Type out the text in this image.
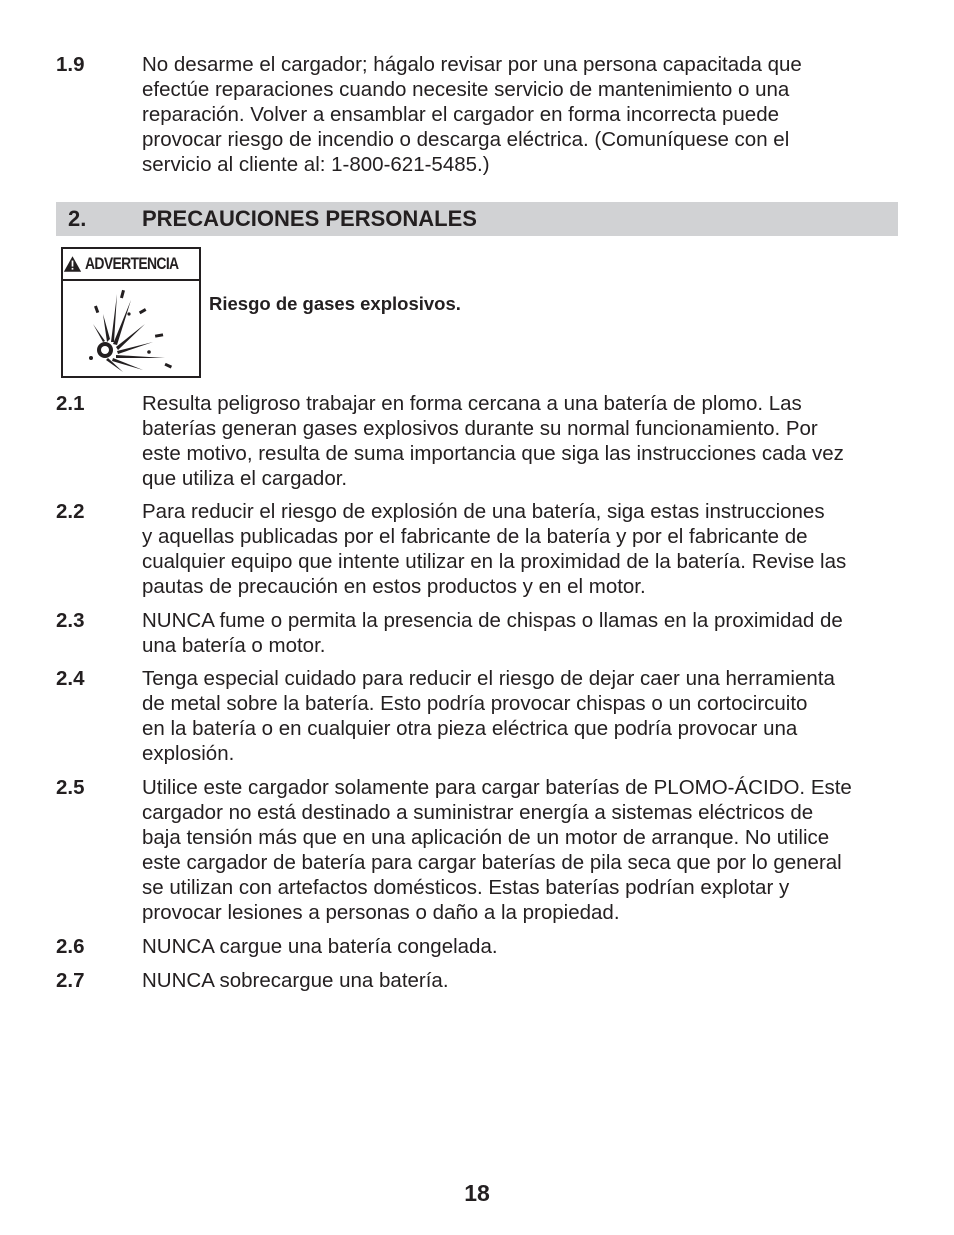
1.9	No desarme el cargador; hágalo revisar por una persona capacitada que
efectúe reparaciones cuando necesite servicio de mantenimiento o una
reparación. Volver a ensamblar el cargador en forma incorrecta puede
provocar riesgo de incendio o descarga eléctrica. (Comuníquese con el
servicio al cliente al: 1-800-621-5485.)
2.	PRECAUCIONES PERSONALES
ADVERTENCIA
Riesgo de gases explosivos.
2.1	Resulta peligroso trabajar en forma cercana a una batería de plomo. Las
baterías generan gases explosivos durante su normal funcionamiento. Por
este motivo, resulta de suma importancia que siga las instrucciones cada vez
que utiliza el cargador.
2.2	Para reducir el riesgo de explosión de una batería, siga estas instrucciones
y aquellas publicadas por el fabricante de la batería y por el fabricante de
cualquier equipo que intente utilizar en la proximidad de la batería. Revise las
pautas de precaución en estos productos y en el motor.
2.3	NUNCA fume o permita la presencia de chispas o llamas en la proximidad de
una batería o motor.
2.4	Tenga especial cuidado para reducir el riesgo de dejar caer una herramienta
de metal sobre la batería. Esto podría provocar chispas o un cortocircuito
en la batería o en cualquier otra pieza eléctrica que podría provocar una
explosión.
2.5	Utilice este cargador solamente para cargar baterías de PLOMO-ÁCIDO. Este
cargador no está destinado a suministrar energía a sistemas eléctricos de
baja tensión más que en una aplicación de un motor de arranque. No utilice
este cargador de batería para cargar baterías de pila seca que por lo general
se utilizan con artefactos domésticos. Estas baterías podrían explotar y
provocar lesiones a personas o daño a la propiedad.
2.6	NUNCA cargue una batería congelada.
2.7	NUNCA sobrecargue una batería.
18
